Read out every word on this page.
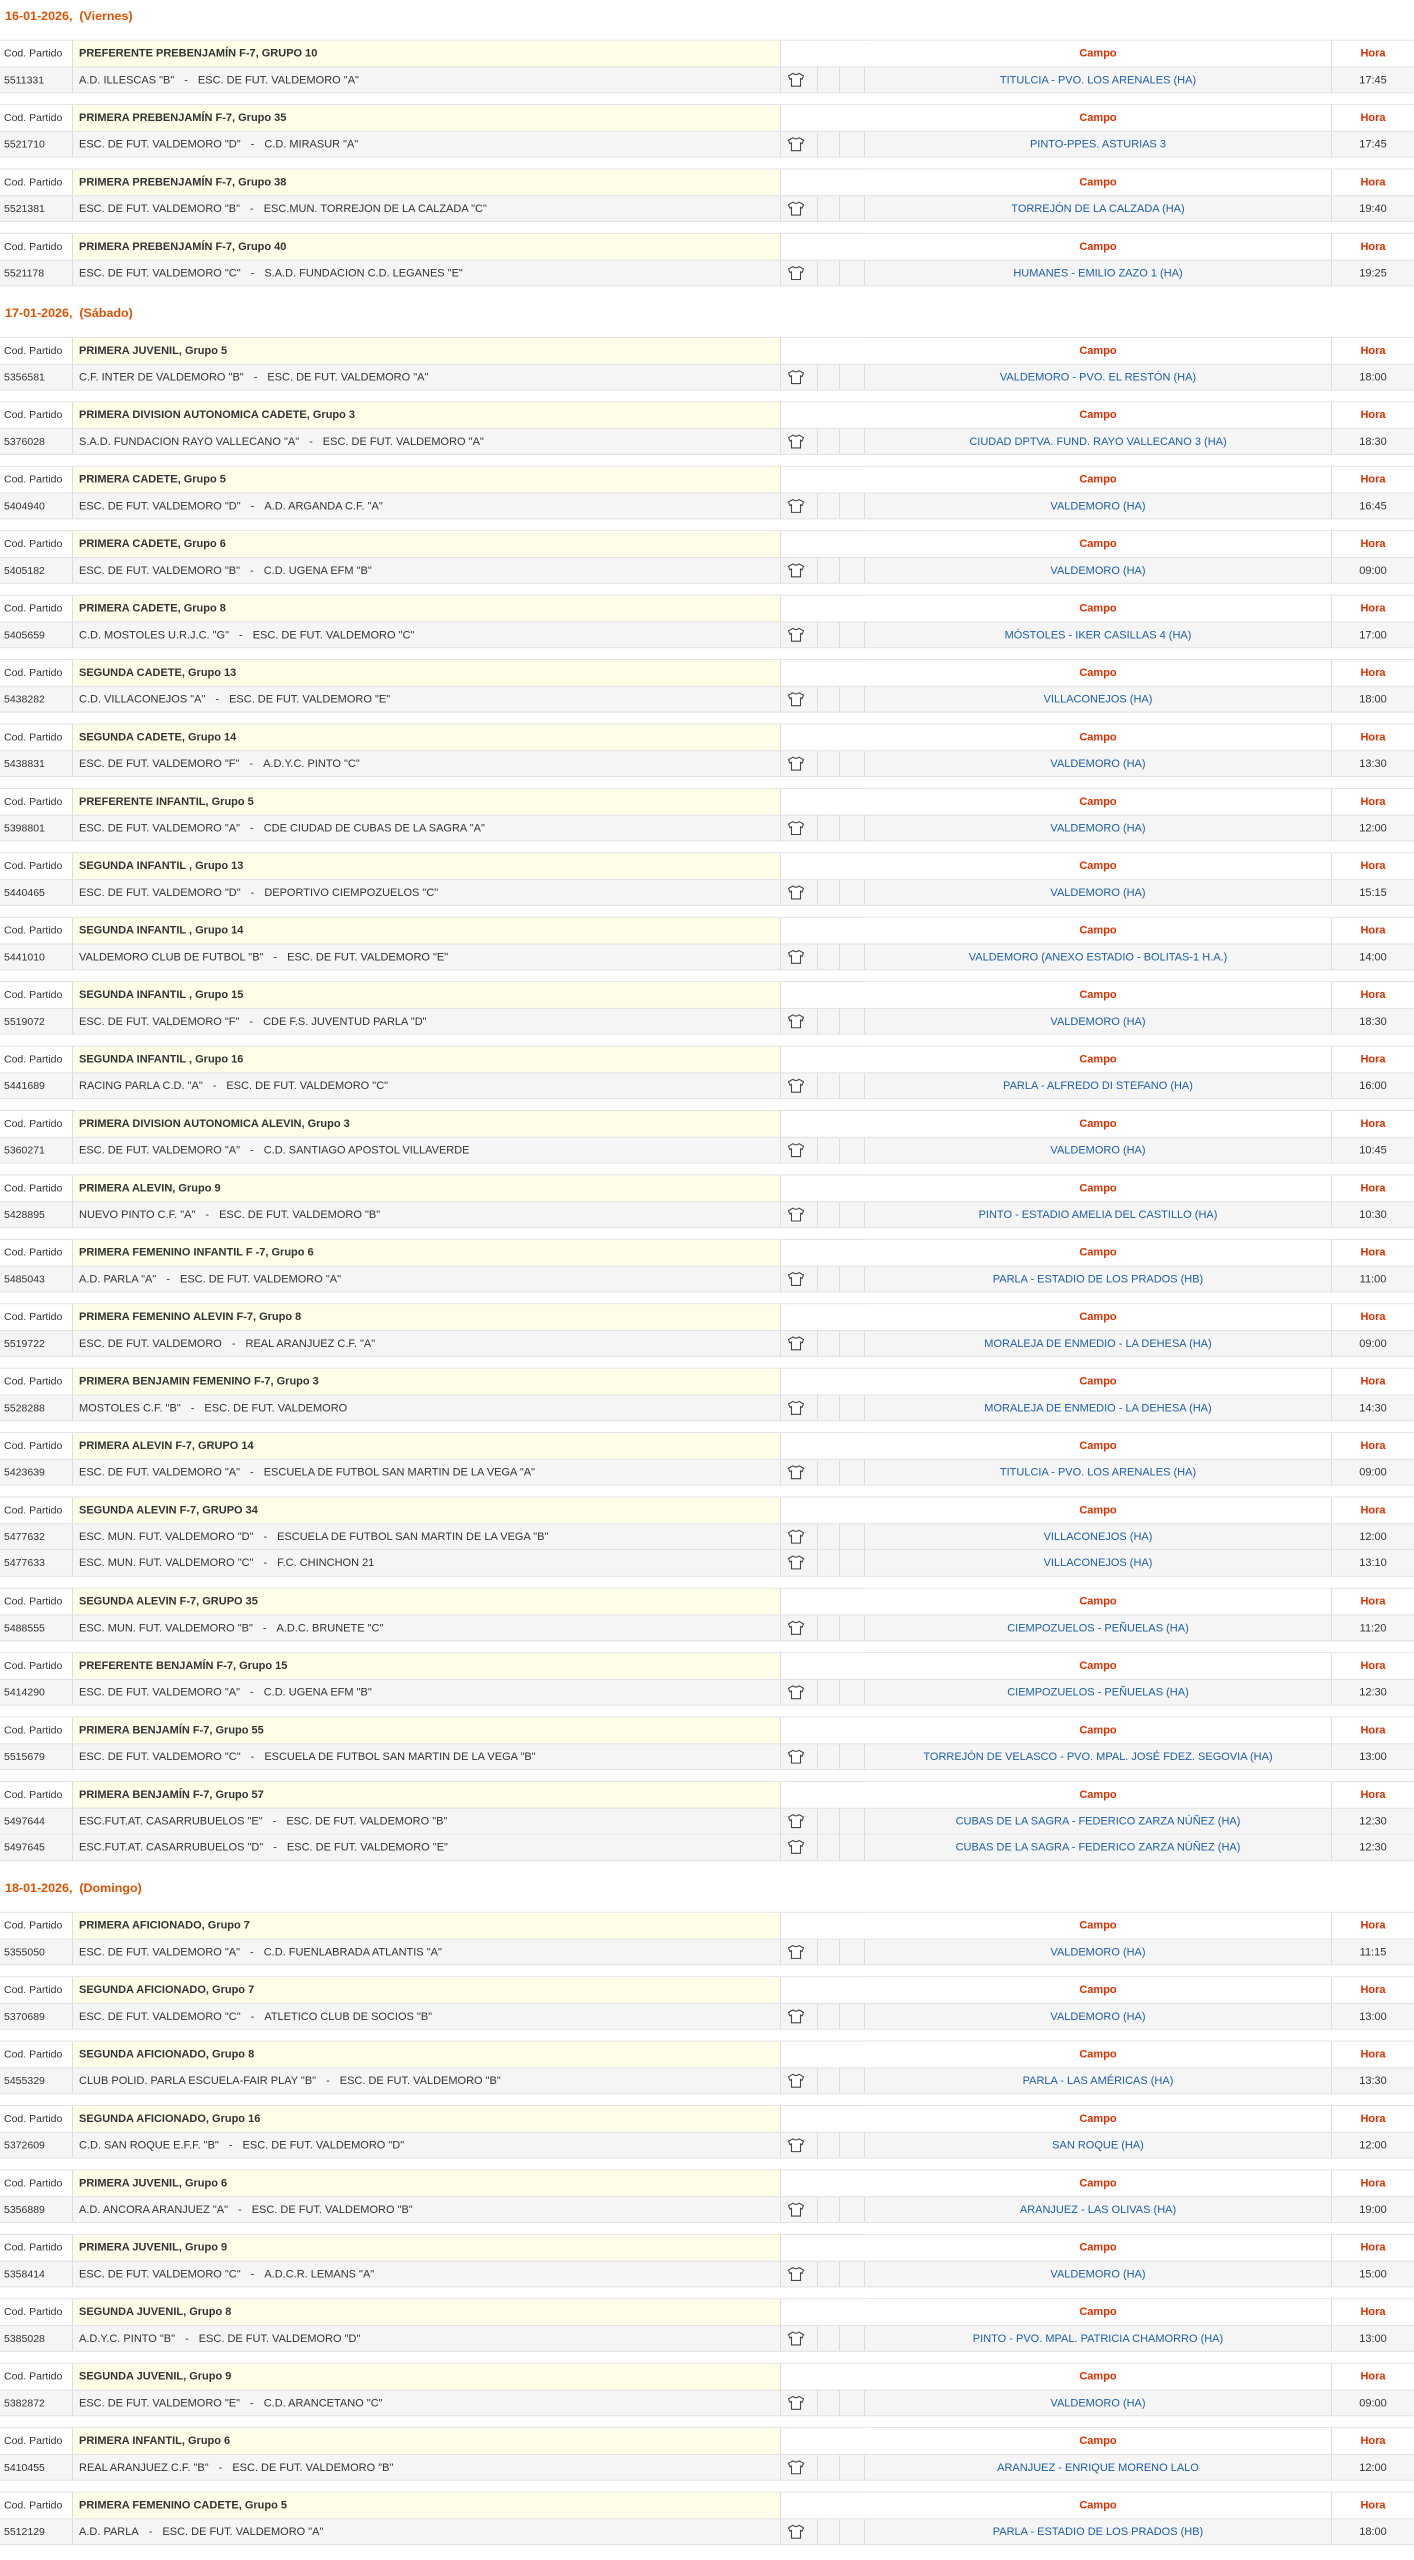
16-01-2026,  (Viernes)
Cod. Partido	PREFERENTE PREBENJAMÍN F-7, GRUPO 10	Campo	Hora
5511331	A.D. ILLESCAS "B" - ESC. DE FUT. VALDEMORO "A"	TITULCIA - PVO. LOS ARENALES (HA)	17:45
Cod. Partido	PRIMERA PREBENJAMÍN F-7, Grupo 35	Campo	Hora
5521710	ESC. DE FUT. VALDEMORO "D" - C.D. MIRASUR "A"	PINTO-PPES. ASTURIAS 3	17:45
Cod. Partido	PRIMERA PREBENJAMÍN F-7, Grupo 38	Campo	Hora
5521381	ESC. DE FUT. VALDEMORO "B" - ESC.MUN. TORREJON DE LA CALZADA "C"	TORREJÓN DE LA CALZADA (HA)	19:40
Cod. Partido	PRIMERA PREBENJAMÍN F-7, Grupo 40	Campo	Hora
5521178	ESC. DE FUT. VALDEMORO "C" - S.A.D. FUNDACION C.D. LEGANES "E"	HUMANES - EMILIO ZAZO 1 (HA)	19:25
17-01-2026,  (Sábado)
Cod. Partido	PRIMERA JUVENIL, Grupo 5	Campo	Hora
5356581	C.F. INTER DE VALDEMORO "B" - ESC. DE FUT. VALDEMORO "A"	VALDEMORO - PVO. EL RESTÓN (HA)	18:00
Cod. Partido	PRIMERA DIVISION AUTONOMICA CADETE, Grupo 3	Campo	Hora
5376028	S.A.D. FUNDACION RAYO VALLECANO "A" - ESC. DE FUT. VALDEMORO "A"	CIUDAD DPTVA. FUND. RAYO VALLECANO 3 (HA)	18:30
Cod. Partido	PRIMERA CADETE, Grupo 5	Campo	Hora
5404940	ESC. DE FUT. VALDEMORO "D" - A.D. ARGANDA C.F. "A"	VALDEMORO (HA)	16:45
Cod. Partido	PRIMERA CADETE, Grupo 6	Campo	Hora
5405182	ESC. DE FUT. VALDEMORO "B" - C.D. UGENA EFM "B"	VALDEMORO (HA)	09:00
Cod. Partido	PRIMERA CADETE, Grupo 8	Campo	Hora
5405659	C.D. MOSTOLES U.R.J.C. "G" - ESC. DE FUT. VALDEMORO "C"	MÓSTOLES - IKER CASILLAS 4 (HA)	17:00
Cod. Partido	SEGUNDA CADETE, Grupo 13	Campo	Hora
5438282	C.D. VILLACONEJOS "A" - ESC. DE FUT. VALDEMORO "E"	VILLACONEJOS (HA)	18:00
Cod. Partido	SEGUNDA CADETE, Grupo 14	Campo	Hora
5438831	ESC. DE FUT. VALDEMORO "F" - A.D.Y.C. PINTO "C"	VALDEMORO (HA)	13:30
Cod. Partido	PREFERENTE INFANTIL, Grupo 5	Campo	Hora
5398801	ESC. DE FUT. VALDEMORO "A" - CDE CIUDAD DE CUBAS DE LA SAGRA "A"	VALDEMORO (HA)	12:00
Cod. Partido	SEGUNDA INFANTIL , Grupo 13	Campo	Hora
5440465	ESC. DE FUT. VALDEMORO "D" - DEPORTIVO CIEMPOZUELOS "C"	VALDEMORO (HA)	15:15
Cod. Partido	SEGUNDA INFANTIL , Grupo 14	Campo	Hora
5441010	VALDEMORO CLUB DE FUTBOL "B" - ESC. DE FUT. VALDEMORO "E"	VALDEMORO (ANEXO ESTADIO - BOLITAS-1 H.A.)	14:00
Cod. Partido	SEGUNDA INFANTIL , Grupo 15	Campo	Hora
5519072	ESC. DE FUT. VALDEMORO "F" - CDE F.S. JUVENTUD PARLA "D"	VALDEMORO (HA)	18:30
Cod. Partido	SEGUNDA INFANTIL , Grupo 16	Campo	Hora
5441689	RACING PARLA C.D. "A" - ESC. DE FUT. VALDEMORO "C"	PARLA - ALFREDO DI STEFANO (HA)	16:00
Cod. Partido	PRIMERA DIVISION AUTONOMICA ALEVIN, Grupo 3	Campo	Hora
5360271	ESC. DE FUT. VALDEMORO "A" - C.D. SANTIAGO APOSTOL VILLAVERDE	VALDEMORO (HA)	10:45
Cod. Partido	PRIMERA ALEVIN, Grupo 9	Campo	Hora
5428895	NUEVO PINTO C.F. "A" - ESC. DE FUT. VALDEMORO "B"	PINTO - ESTADIO AMELIA DEL CASTILLO (HA)	10:30
Cod. Partido	PRIMERA FEMENINO INFANTIL F -7, Grupo 6	Campo	Hora
5485043	A.D. PARLA "A" - ESC. DE FUT. VALDEMORO "A"	PARLA - ESTADIO DE LOS PRADOS (HB)	11:00
Cod. Partido	PRIMERA FEMENINO ALEVIN F-7, Grupo 8	Campo	Hora
5519722	ESC. DE FUT. VALDEMORO - REAL ARANJUEZ C.F. "A"	MORALEJA DE ENMEDIO - LA DEHESA (HA)	09:00
Cod. Partido	PRIMERA BENJAMIN FEMENINO F-7, Grupo 3	Campo	Hora
5528288	MOSTOLES C.F. "B" - ESC. DE FUT. VALDEMORO	MORALEJA DE ENMEDIO - LA DEHESA (HA)	14:30
Cod. Partido	PRIMERA ALEVIN F-7, GRUPO 14	Campo	Hora
5423639	ESC. DE FUT. VALDEMORO "A" - ESCUELA DE FUTBOL SAN MARTIN DE LA VEGA "A"	TITULCIA - PVO. LOS ARENALES (HA)	09:00
Cod. Partido	SEGUNDA ALEVIN F-7, GRUPO 34	Campo	Hora
5477632	ESC. MUN. FUT. VALDEMORO "D" - ESCUELA DE FUTBOL SAN MARTIN DE LA VEGA "B"	VILLACONEJOS (HA)	12:00
5477633	ESC. MUN. FUT. VALDEMORO "C" - F.C. CHINCHON 21	VILLACONEJOS (HA)	13:10
Cod. Partido	SEGUNDA ALEVIN F-7, GRUPO 35	Campo	Hora
5488555	ESC. MUN. FUT. VALDEMORO "B" - A.D.C. BRUNETE "C"	CIEMPOZUELOS - PEÑUELAS (HA)	11:20
Cod. Partido	PREFERENTE BENJAMÍN F-7, Grupo 15	Campo	Hora
5414290	ESC. DE FUT. VALDEMORO "A" - C.D. UGENA EFM "B"	CIEMPOZUELOS - PEÑUELAS (HA)	12:30
Cod. Partido	PRIMERA BENJAMÍN F-7, Grupo 55	Campo	Hora
5515679	ESC. DE FUT. VALDEMORO "C" - ESCUELA DE FUTBOL SAN MARTIN DE LA VEGA "B"	TORREJÓN DE VELASCO - PVO. MPAL. JOSÉ FDEZ. SEGOVIA (HA)	13:00
Cod. Partido	PRIMERA BENJAMÍN F-7, Grupo 57	Campo	Hora
5497644	ESC.FUT.AT. CASARRUBUELOS "E" - ESC. DE FUT. VALDEMORO "B"	CUBAS DE LA SAGRA - FEDERICO ZARZA NÚÑEZ (HA)	12:30
5497645	ESC.FUT.AT. CASARRUBUELOS "D" - ESC. DE FUT. VALDEMORO "E"	CUBAS DE LA SAGRA - FEDERICO ZARZA NÚÑEZ (HA)	12:30
18-01-2026,  (Domingo)
Cod. Partido	PRIMERA AFICIONADO, Grupo 7	Campo	Hora
5355050	ESC. DE FUT. VALDEMORO "A" - C.D. FUENLABRADA ATLANTIS "A"	VALDEMORO (HA)	11:15
Cod. Partido	SEGUNDA AFICIONADO, Grupo 7	Campo	Hora
5370689	ESC. DE FUT. VALDEMORO "C" - ATLETICO CLUB DE SOCIOS "B"	VALDEMORO (HA)	13:00
Cod. Partido	SEGUNDA AFICIONADO, Grupo 8	Campo	Hora
5455329	CLUB POLID. PARLA ESCUELA-FAIR PLAY "B" - ESC. DE FUT. VALDEMORO "B"	PARLA - LAS AMÉRICAS (HA)	13:30
Cod. Partido	SEGUNDA AFICIONADO, Grupo 16	Campo	Hora
5372609	C.D. SAN ROQUE E.F.F. "B" - ESC. DE FUT. VALDEMORO "D"	SAN ROQUE (HA)	12:00
Cod. Partido	PRIMERA JUVENIL, Grupo 6	Campo	Hora
5356889	A.D. ANCORA ARANJUEZ "A" - ESC. DE FUT. VALDEMORO "B"	ARANJUEZ - LAS OLIVAS (HA)	19:00
Cod. Partido	PRIMERA JUVENIL, Grupo 9	Campo	Hora
5358414	ESC. DE FUT. VALDEMORO "C" - A.D.C.R. LEMANS "A"	VALDEMORO (HA)	15:00
Cod. Partido	SEGUNDA JUVENIL, Grupo 8	Campo	Hora
5385028	A.D.Y.C. PINTO "B" - ESC. DE FUT. VALDEMORO "D"	PINTO - PVO. MPAL. PATRICIA CHAMORRO (HA)	13:00
Cod. Partido	SEGUNDA JUVENIL, Grupo 9	Campo	Hora
5382872	ESC. DE FUT. VALDEMORO "E" - C.D. ARANCETANO "C"	VALDEMORO (HA)	09:00
Cod. Partido	PRIMERA INFANTIL, Grupo 6	Campo	Hora
5410455	REAL ARANJUEZ C.F. "B" - ESC. DE FUT. VALDEMORO "B"	ARANJUEZ - ENRIQUE MORENO LALO	12:00
Cod. Partido	PRIMERA FEMENINO CADETE, Grupo 5	Campo	Hora
5512129	A.D. PARLA - ESC. DE FUT. VALDEMORO "A"	PARLA - ESTADIO DE LOS PRADOS (HB)	18:00
